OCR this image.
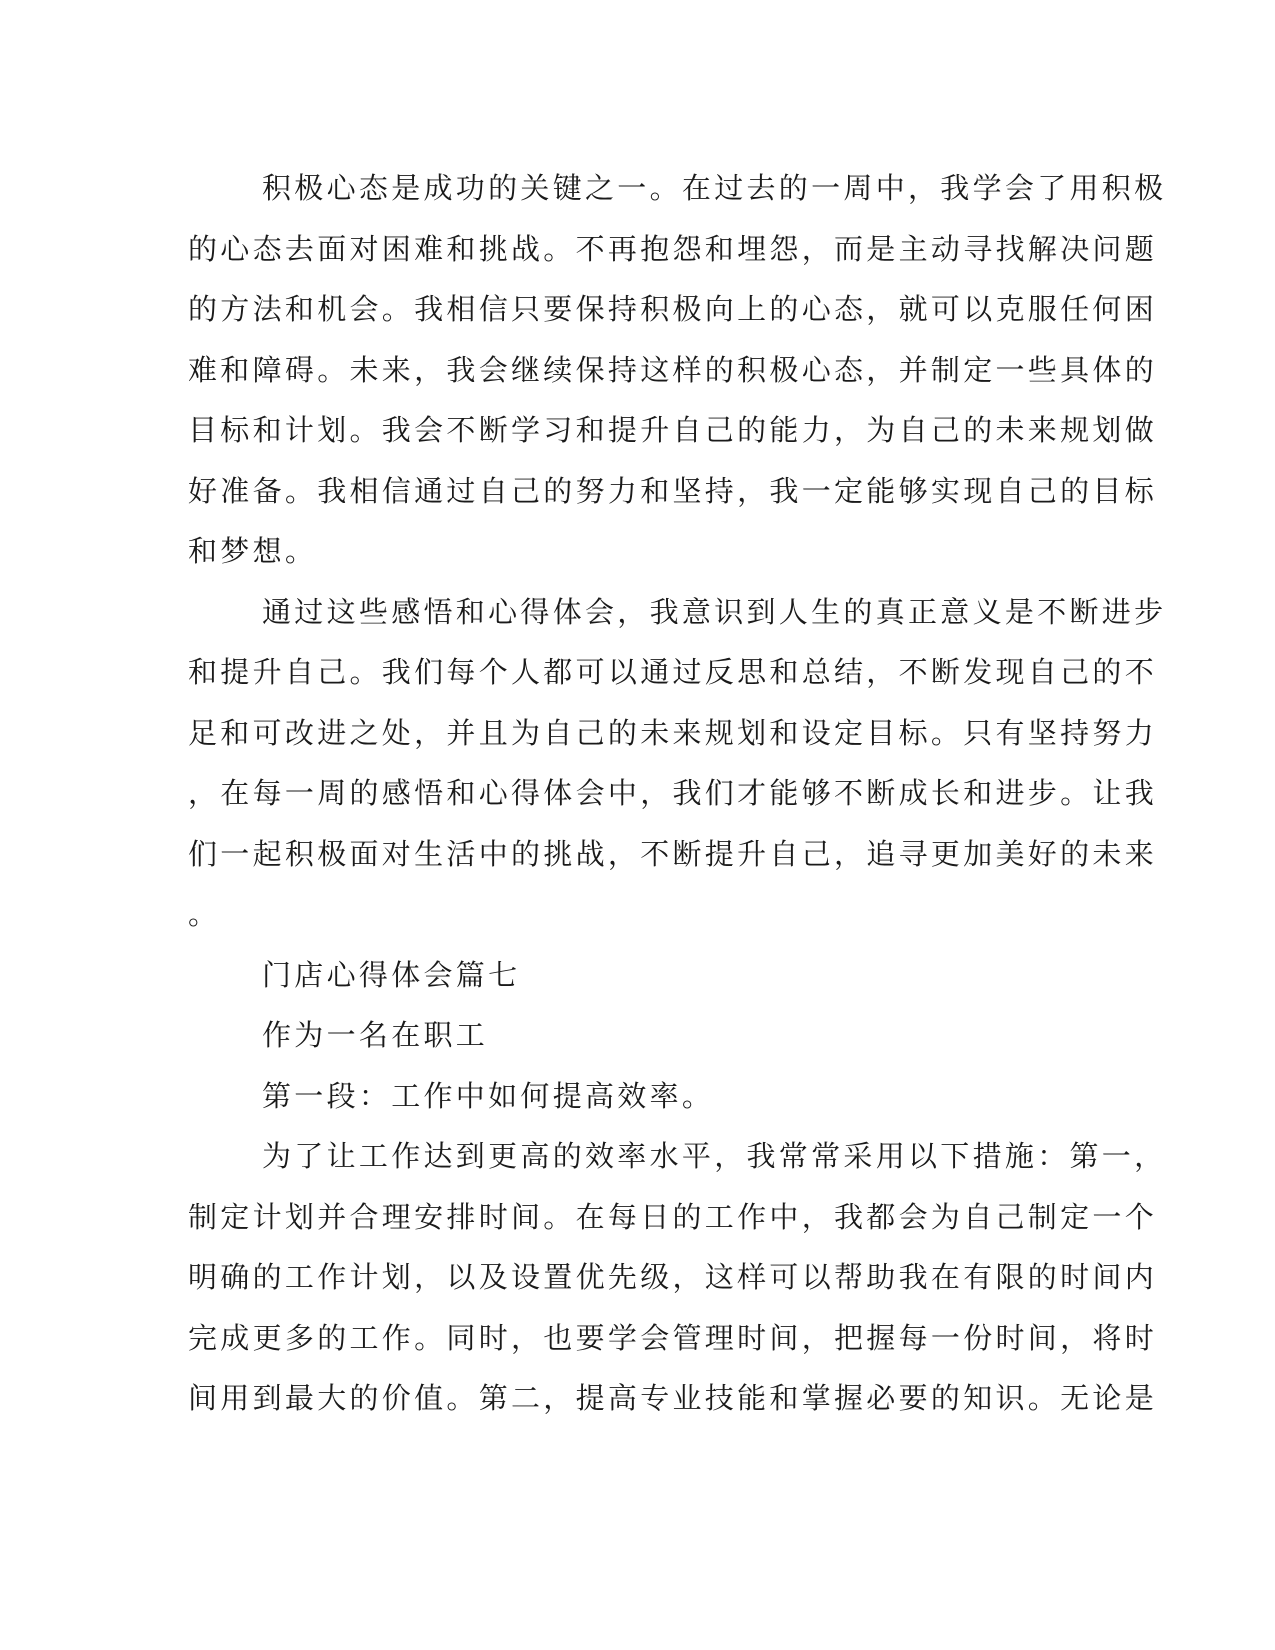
积极心态是成功的关键之一。在过去的一周中，我学会了用积极

的心态去面对困难和挑战。不再抱怨和埋怨，而是主动寻找解决问题

的方法和机会。我相信只要保持积极向上的心态，就可以克服任何困

难和障碍。未来，我会继续保持这样的积极心态，并制定一些具体的

目标和计划。我会不断学习和提升自己的能力，为自己的未来规划做

好准备。我相信通过自己的努力和坚持，我一定能够实现自己的目标

和梦想。

通过这些感悟和心得体会，我意识到人生的真正意义是不断进步

和提升自己。我们每个人都可以通过反思和总结，不断发现自己的不

足和可改进之处，并且为自己的未来规划和设定目标。只有坚持努力

，在每一周的感悟和心得体会中，我们才能够不断成长和进步。让我

们一起积极面对生活中的挑战，不断提升自己，追寻更加美好的未来

。

门店心得体会篇七

作为一名在职工

第一段：工作中如何提高效率。

为了让工作达到更高的效率水平，我常常采用以下措施：第一，

制定计划并合理安排时间。在每日的工作中，我都会为自己制定一个

明确的工作计划，以及设置优先级，这样可以帮助我在有限的时间内

完成更多的工作。同时，也要学会管理时间，把握每一份时间，将时

间用到最大的价值。第二，提高专业技能和掌握必要的知识。无论是
